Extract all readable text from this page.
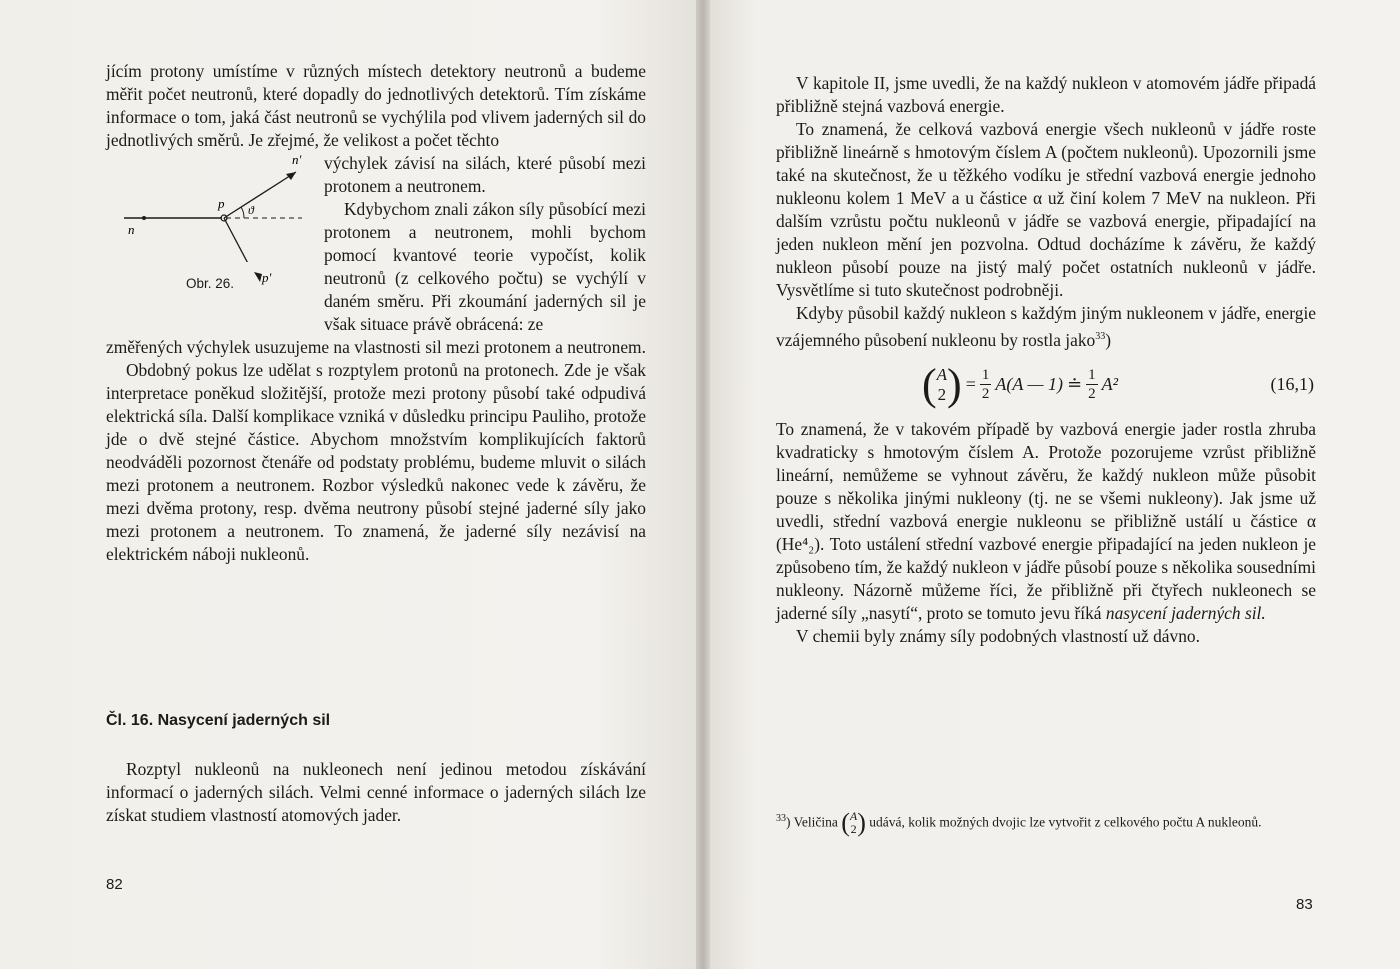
jícím protony umístíme v různých místech detektory neutronů a budeme měřit počet neutronů, které dopadly do jednotlivých detektorů. Tím získáme informace o tom, jaká část neutronů se vychýlila pod vlivem jaderných sil do jednotlivých směrů. Je zřejmé, že velikost a počet těchto

n
p
n′
ϑ
p′
Obr. 26.

výchylek závisí na silách, které působí mezi protonem a neutronem.

Kdybychom znali zákon síly působící mezi protonem a neutronem, mohli bychom pomocí kvantové teorie vypočíst, kolik neutronů (z celkového počtu) se vychýlí v daném směru. Při zkoumání jaderných sil je však situace právě obrácená: ze

změřených výchylek usuzujeme na vlastnosti sil mezi protonem a neutronem.

Obdobný pokus lze udělat s rozptylem protonů na protonech. Zde je však interpretace poněkud složitější, protože mezi protony působí také odpudivá elektrická síla. Další komplikace vzniká v důsledku principu Pauliho, protože jde o dvě stejné částice. Abychom množstvím komplikujících faktorů neodváděli pozornost čtenáře od podstaty problému, budeme mluvit o silách mezi protonem a neutronem. Rozbor výsledků nakonec vede k závěru, že mezi dvěma protony, resp. dvěma neutrony působí stejné jaderné síly jako mezi protonem a neutronem. To znamená, že jaderné síly nezávisí na elektrickém náboji nukleonů.

Čl. 16. Nasycení jaderných sil

Rozptyl nukleonů na nukleonech není jedinou metodou získávání informací o jaderných silách. Velmi cenné informace o jaderných silách lze získat studiem vlastností atomových jader.

82

V kapitole II, jsme uvedli, že na každý nukleon v atomovém jádře připadá přibližně stejná vazbová energie.

To znamená, že celková vazbová energie všech nukleonů v jádře roste přibližně lineárně s hmotovým číslem A (počtem nukleonů). Upozornili jsme také na skutečnost, že u těžkého vodíku je střední vazbová energie jednoho nukleonu kolem 1 MeV a u částice α už činí kolem 7 MeV na nukleon. Při dalším vzrůstu počtu nukleonů v jádře se vazbová energie, připadající na jeden nukleon mění jen pozvolna. Odtud docházíme k závěru, že každý nukleon působí pouze na jistý malý počet ostatních nukleonů v jádře. Vysvětlíme si tuto skutečnost podrobněji.

Kdyby působil každý nukleon s každým jiným nukleonem v jádře, energie vzájemného působení nukleonu by rostla jako$^{33}$)

( A
2 ) = $\frac{1}{2} A(A$ — 1) ≐ $\frac{1}{2} A^2$	(16,1)

To znamená, že v takovém případě by vazbová energie jader rostla zhruba kvadraticky s hmotovým číslem A. Protože pozorujeme vzrůst přibližně lineární, nemůžeme se vyhnout závěru, že každý nukleon může působit pouze s několika jinými nukleony (tj. ne se všemi nukleony). Jak jsme už uvedli, střední vazbová energie nukleonu se přibližně ustálí u částice α (He⁴₂). Toto ustálení střední vazbové energie připadající na jeden nukleon je způsobeno tím, že každý nukleon v jádře působí pouze s několika sousedními nukleony. Názorně můžeme říci, že přibližně při čtyřech nukleonech se jaderné síly „nasytí“, proto se tomuto jevu říká nasycení jaderných sil.

V chemii byly známy síly podobných vlastností už dávno.

$^{33}$) Veličina ( A
2 ) udává, kolik možných dvojic lze vytvořit z celkového počtu A nukleonů.
83
